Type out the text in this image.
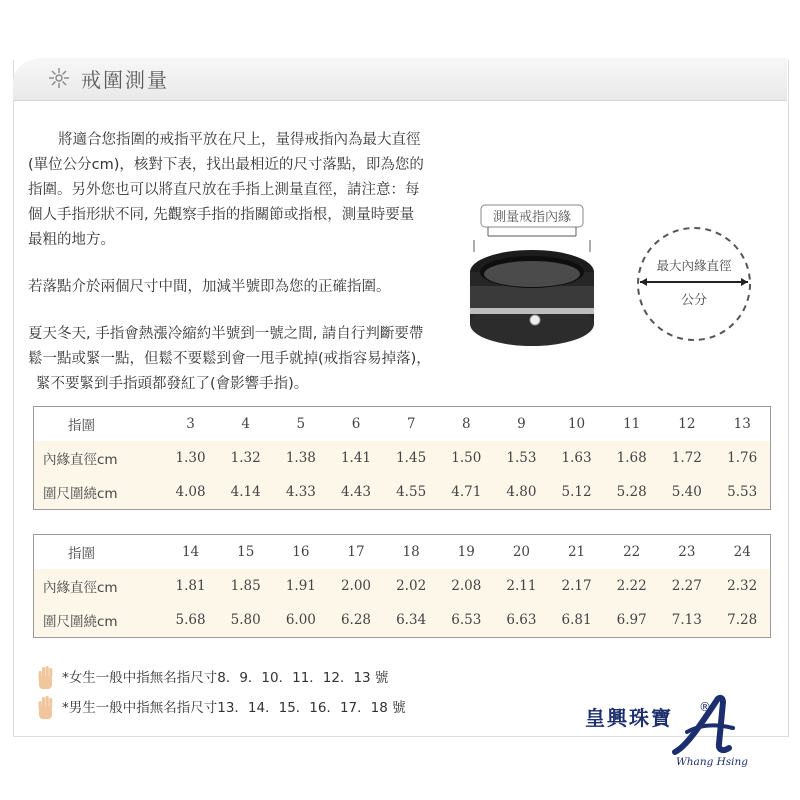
戒圍測量

將適合您指圍的戒指平放在尺上，量得戒指內為最大直徑

(單位公分cm)，核對下表，找出最相近的尺寸落點，即為您的

指圍。另外您也可以將直尺放在手指上測量直徑，請注意：每

個人手指形狀不同, 先觀察手指的指關節或指根，測量時要量

最粗的地方。

若落點介於兩個尺寸中間，加減半號即為您的正確指圍。

夏天冬天, 手指會熱漲冷縮約半號到一號之間, 請自行判斷要帶

鬆一點或緊一點，但鬆不要鬆到會一甩手就掉(戒指容易掉落)，

緊不要緊到手指頭都發紅了(會影響手指)。

測量戒指內緣
最大內緣直徑
公分
指圍	3	4	5	6	7	8	9	10	11	12	13
內緣直徑cm	1.30	1.32	1.38	1.41	1.45	1.50	1.53	1.63	1.68	1.72	1.76
圍尺圍繞cm	4.08	4.14	4.33	4.43	4.55	4.71	4.80	5.12	5.28	5.40	5.53
指圍	14	15	16	17	18	19	20	21	22	23	24
內緣直徑cm	1.81	1.85	1.91	2.00	2.02	2.08	2.11	2.17	2.22	2.27	2.32
圍尺圍繞cm	5.68	5.80	6.00	6.28	6.34	6.53	6.63	6.81	6.97	7.13	7.28
*女生一般中指無名指尺寸8．9．10．11．12．13 號
*男生一般中指無名指尺寸13．14．15．16．17．18 號	皇興珠寶 ®
Whang Hsing
